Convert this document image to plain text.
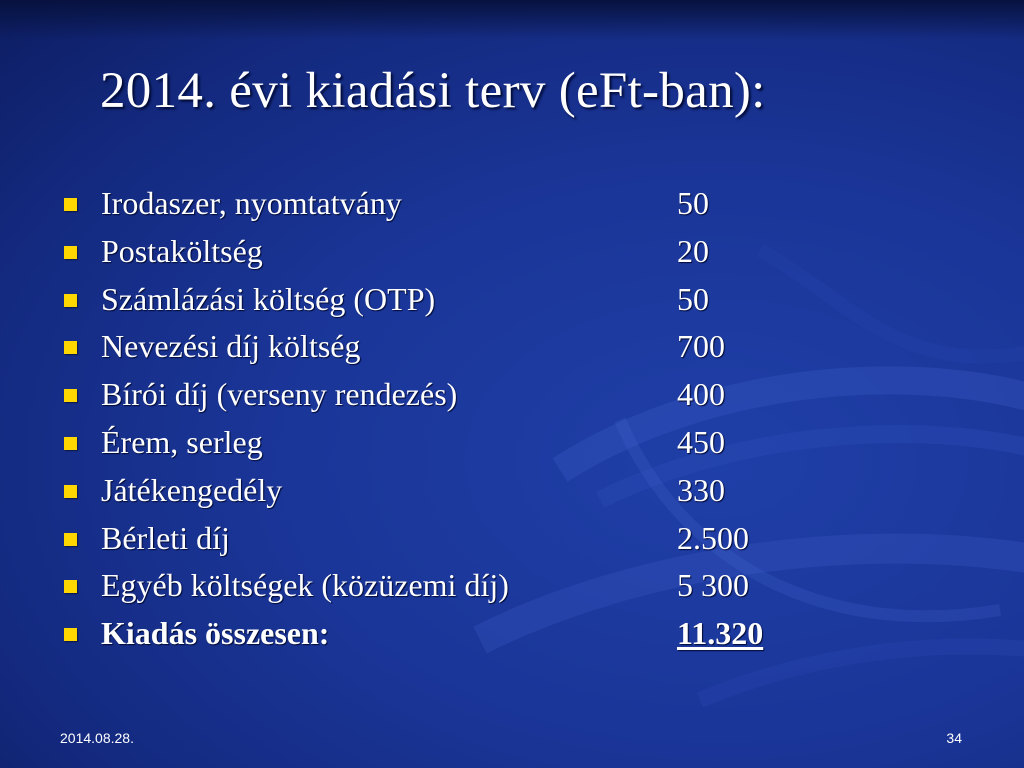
2014. évi kiadási terv (eFt-ban):
Irodaszer, nyomtatvány	50
Postaköltség	20
Számlázási költség (OTP)	50
Nevezési díj költség	700
Bírói díj (verseny rendezés)	400
Érem, serleg	450
Játékengedély	330
Bérleti díj	2.500
Egyéb költségek (közüzemi díj)	5 300
Kiadás összesen:	11.320
2014.08.28.	34
